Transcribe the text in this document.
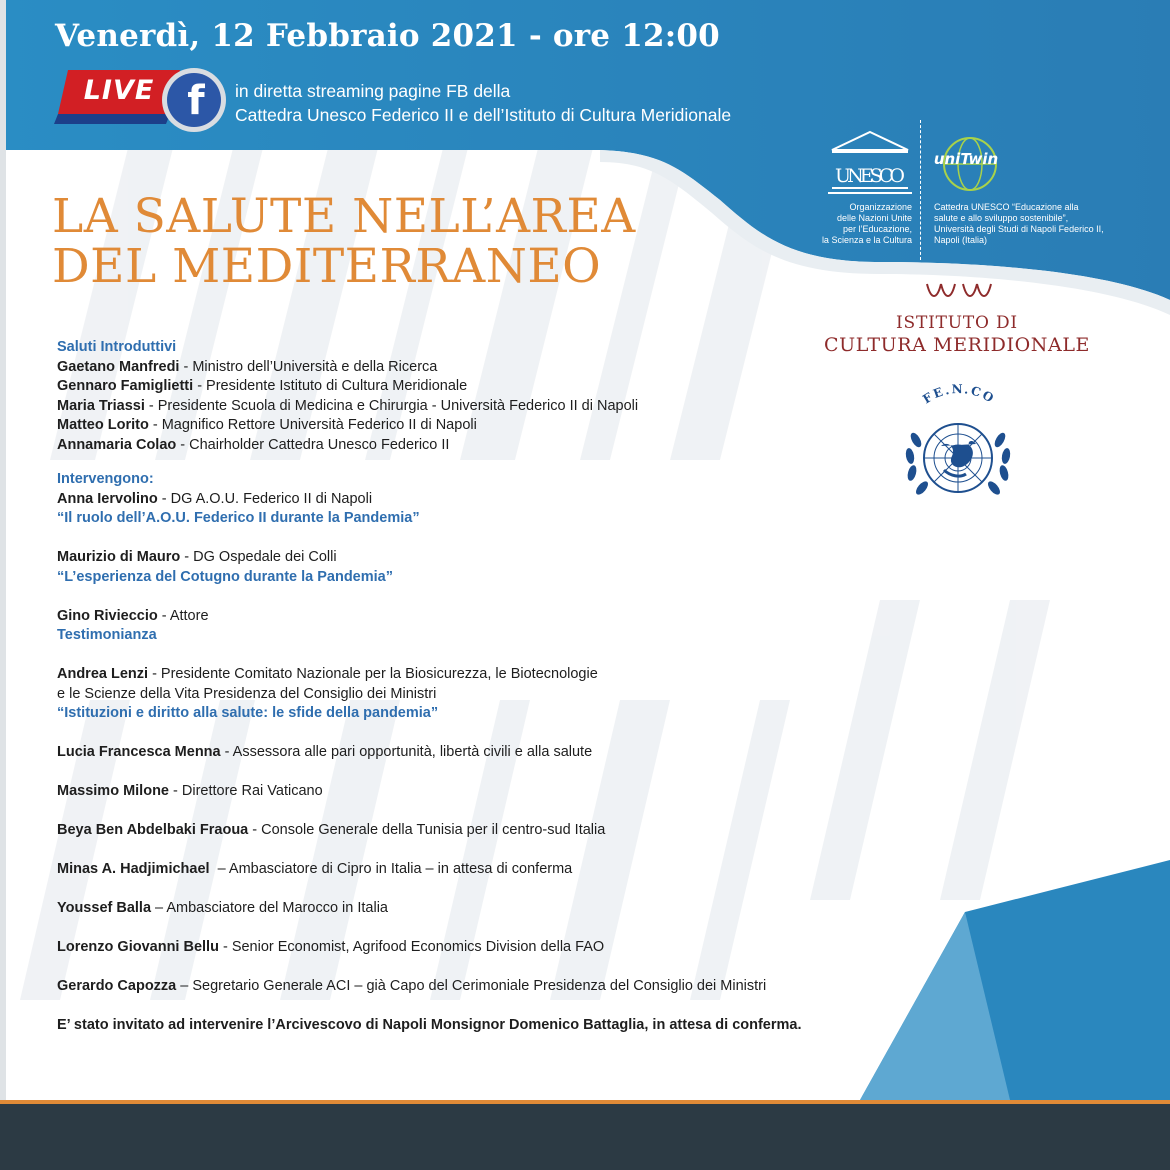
Venerdì, 12 Febbraio 2021 - ore 12:00
LIVE f in diretta streaming pagine FB della
Cattedra Unesco Federico II e dell’Istituto di Cultura Meridionale
LA SALUTE NELL’AREA
DEL MEDITERRANEO
UNESCO
uniTwin
Organizzazione
delle Nazioni Unite
per l’Educazione,
la Scienza e la Cultura
Cattedra UNESCO “Educazione alla
salute e allo sviluppo sostenibile”,
Università degli Studi di Napoli Federico II,
Napoli (Italia)
ISTITUTO DI
CULTURA MERIDIONALE
FE.N.CO
Saluti Introduttivi
Gaetano Manfredi - Ministro dell’Università e della Ricerca
Gennaro Famiglietti - Presidente Istituto di Cultura Meridionale
Maria Triassi - Presidente Scuola di Medicina e Chirurgia - Università Federico II di Napoli
Matteo Lorito - Magnifico Rettore Università Federico II di Napoli
Annamaria Colao - Chairholder Cattedra Unesco Federico II
Intervengono:
Anna Iervolino - DG A.O.U. Federico II di Napoli
“Il ruolo dell’A.O.U. Federico II durante la Pandemia”
Maurizio di Mauro - DG Ospedale dei Colli
“L’esperienza del Cotugno durante la Pandemia”
Gino Rivieccio - Attore
Testimonianza
Andrea Lenzi - Presidente Comitato Nazionale per la Biosicurezza, le Biotecnologie
e le Scienze della Vita Presidenza del Consiglio dei Ministri
“Istituzioni e diritto alla salute: le sfide della pandemia”
Lucia Francesca Menna - Assessora alle pari opportunità, libertà civili e alla salute
Massimo Milone - Direttore Rai Vaticano
Beya Ben Abdelbaki Fraoua - Console Generale della Tunisia per il centro-sud Italia
Minas A. Hadjimichael  – Ambasciatore di Cipro in Italia – in attesa di conferma
Youssef Balla – Ambasciatore del Marocco in Italia
Lorenzo Giovanni Bellu - Senior Economist, Agrifood Economics Division della FAO
Gerardo Capozza – Segretario Generale ACI – già Capo del Cerimoniale Presidenza del Consiglio dei Ministri
E’ stato invitato ad intervenire l’Arcivescovo di Napoli Monsignor Domenico Battaglia, in attesa di conferma.
